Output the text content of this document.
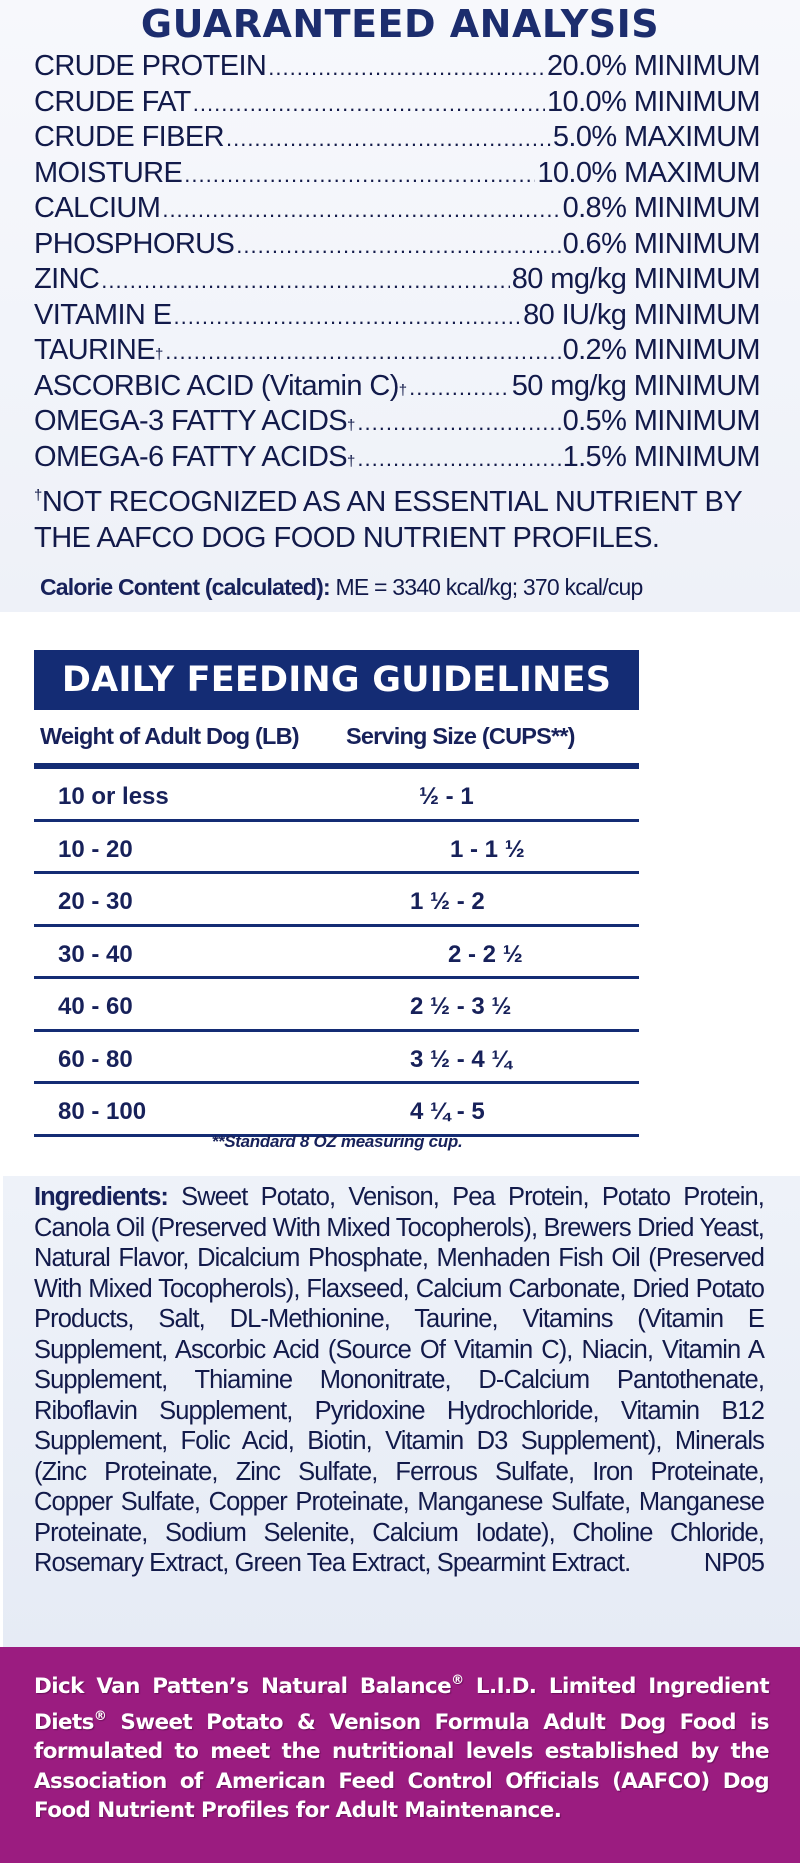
GUARANTEED ANALYSIS
CRUDE PROTEIN .....	20.0% MINIMUM
CRUDE FAT .....	10.0% MINIMUM
CRUDE FIBER .....	5.0% MAXIMUM
MOISTURE .....	10.0% MAXIMUM
CALCIUM .....	0.8% MINIMUM
PHOSPHORUS .....	0.6% MINIMUM
ZINC .....	80 mg/kg MINIMUM
VITAMIN E .....	80 IU/kg MINIMUM
TAURINE † .....	0.2% MINIMUM
ASCORBIC ACID (Vitamin C) † .....	50 mg/kg MINIMUM
OMEGA-3 FATTY ACIDS † .....	0.5% MINIMUM
OMEGA-6 FATTY ACIDS † .....	1.5% MINIMUM

†NOT RECOGNIZED AS AN ESSENTIAL NUTRIENT BY THE AAFCO DOG FOOD NUTRIENT PROFILES.

Calorie Content (calculated): ME = 3340 kcal/kg; 370 kcal/cup

DAILY FEEDING GUIDELINES
Weight of Adult Dog (LB) Serving Size (CUPS**)
10 or less	½ - 1
10 - 20	1 - 1 ½
20 - 30	1 ½ - 2
30 - 40	2 - 2 ½
40 - 60	2 ½ - 3 ½
60 - 80	3 ½ - 4 ¼
80 - 100	4 ¼ - 5

**Standard 8 OZ measuring cup.

Ingredients: Sweet Potato, Venison, Pea Protein, Potato Protein, Canola Oil (Preserved With Mixed Tocopherols), Brewers Dried Yeast, Natural Flavor, Dicalcium Phosphate, Menhaden Fish Oil (Preserved With Mixed Tocopherols), Flaxseed, Calcium Carbonate, Dried Potato Products, Salt, DL-Methionine, Taurine, Vitamins (Vitamin E Supplement, Ascorbic Acid (Source Of Vitamin C), Niacin, Vitamin A Supplement, Thiamine Mononitrate, D-Calcium Pantothenate, Riboflavin Supplement, Pyridoxine Hydrochloride, Vitamin B12 Supplement, Folic Acid, Biotin, Vitamin D3 Supplement), Minerals (Zinc Proteinate, Zinc Sulfate, Ferrous Sulfate, Iron Proteinate, Copper Sulfate, Copper Proteinate, Manganese Sulfate, Manganese Proteinate, Sodium Selenite, Calcium Iodate), Choline Chloride, Rosemary Extract, Green Tea Extract, Spearmint Extract.	NP05

Dick Van Patten’s Natural Balance® L.I.D. Limited Ingredient Diets® Sweet Potato & Venison Formula Adult Dog Food is formulated to meet the nutritional levels established by the Association of American Feed Control Officials (AAFCO) Dog Food Nutrient Profiles for Adult Maintenance.
